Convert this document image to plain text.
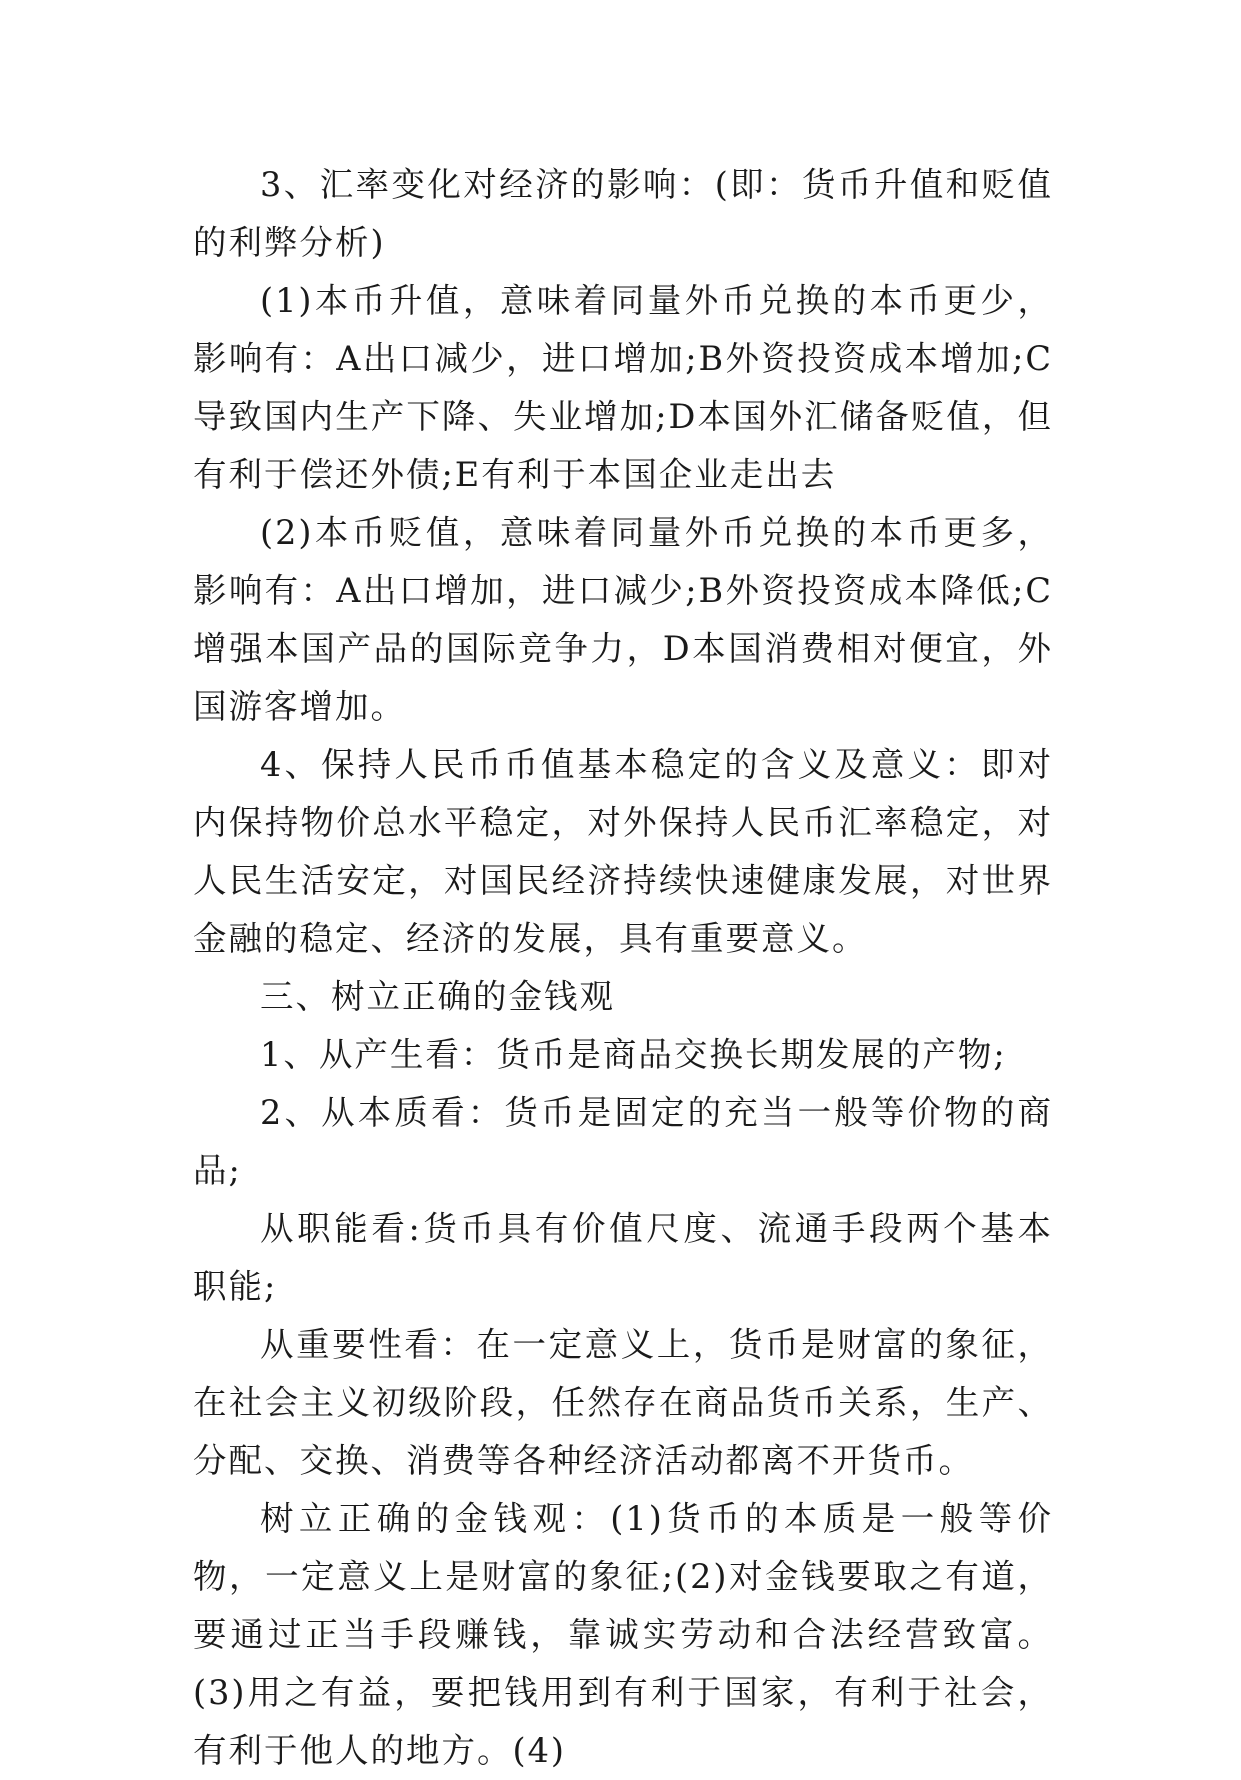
3、汇率变化对经济的影响：(即：货币升值和贬值的利弊分析)

(1)本币升值，意味着同量外币兑换的本币更少，影响有：A出口减少，进口增加;B外资投资成本增加;C导致国内生产下降、失业增加;D本国外汇储备贬值，但有利于偿还外债;E有利于本国企业走出去

(2)本币贬值，意味着同量外币兑换的本币更多，影响有：A出口增加，进口减少;B外资投资成本降低;C增强本国产品的国际竞争力，D本国消费相对便宜，外国游客增加。

4、保持人民币币值基本稳定的含义及意义：即对内保持物价总水平稳定，对外保持人民币汇率稳定，对人民生活安定，对国民经济持续快速健康发展，对世界金融的稳定、经济的发展，具有重要意义。

三、树立正确的金钱观

1、从产生看：货币是商品交换长期发展的产物;

2、从本质看：货币是固定的充当一般等价物的商品;

从职能看:货币具有价值尺度、流通手段两个基本职能;

从重要性看：在一定意义上，货币是财富的象征，在社会主义初级阶段，任然存在商品货币关系，生产、分配、交换、消费等各种经济活动都离不开货币。

树立正确的金钱观：(1)货币的本质是一般等价物，一定意义上是财富的象征;(2)对金钱要取之有道，要通过正当手段赚钱，靠诚实劳动和合法经营致富。(3)用之有益，要把钱用到有利于国家，有利于社会，有利于他人的地方。(4)
